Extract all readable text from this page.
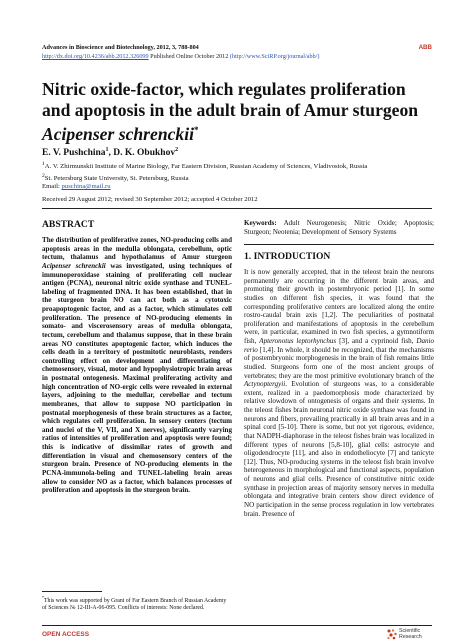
Advances in Bioscience and Biotechnology, 2012, 3, 788-804	ABB
http://dx.doi.org/10.4236/abb.2012.326099 Published Online October 2012 (http://www.SciRP.org/journal/abb/)
Nitric oxide-factor, which regulates proliferation and apoptosis in the adult brain of Amur sturgeon Acipenser schrenckii*
E. V. Pushchina$^1$, D. K. Obukhov$^2$
$^1$A. V. Zhirmunskii Institute of Marine Biology, Far Eastern Division, Russian Academy of Sciences, Vladivostok, Russia
$^2$St. Petersburg State University, St. Petersburg, Russia
Email: puschina@mail.ru
Received 29 August 2012; revised 30 September 2012; accepted 4 October 2012
ABSTRACT
The distribution of proliferative zones, NO-producing cells and apoptosis areas in the medulla oblongata, cerebellum, optic tectum, thalamus and hypothalamus of Amur sturgeon Acipenser schrenckii was investigated, using techniques of immunoperoxidase staining of proliferating cell nuclear antigen (PCNA), neuronal nitric oxide synthase and TUNEL-labeling of fragmented DNA. It has been established, that in the sturgeon brain NO can act both as a cytotoxic proapoptogenic factor, and as a factor, which stimulates cell proliferation. The presence of NO-producing elements in somato- and viscerosensory areas of medulla oblongata, tectum, cerebellum and thalamus suppose, that in these brain areas NO constitutes apoptogenic factor, which induces the cells death in a territory of postmitotic neuroblasts, renders controlling effect on development and differentiating of chemosensory, visual, motor and hypophysiotropic brain areas in postnatal ontogenesis. Maximal proliferating activity and high concentration of NO-ergic cells were revealed in external layers, adjoining to the medullar, cerebellar and tectum membranes, that allow to suppose NO participation in postnatal morphogenesis of these brain structures as a factor, which regulates cell proliferation. In sensory centers (tectum and nuclei of the V, VII, and X nerves), significantly varying ratios of intensities of proliferation and apoptosis were found; this is indicative of dissimilar rates of growth and differentiation in visual and chemosensory centers of the sturgeon brain. Presence of NO-producing elements in the PCNA-immunola-beling and TUNEL-labeling brain areas allow to consider NO as a factor, which balances processes of proliferation and apoptosis in the sturgeon brain.
*This work was supported by Grant of Far Eastern Branch of Russian Academy of Sciences № 12-III-A-06-095. Conflicts of interests: None declared.
Keywords: Adult Neurogenesis; Nitric Oxide; Apoptosis; Sturgeon; Neotenia; Development of Sensory Systems
1. INTRODUCTION
It is now generally accepted, that in the teleost brain the neurons permanently are occurring in the different brain areas, and promoting their growth in postembryonic period [1]. In some studies on different fish species, it was found that the corresponding proliferative centers are localized along the entire rostro-caudal brain axis [1,2]. The peculiarities of postnatal proliferation and manifestations of apoptosis in the cerebellum were, in particular, examined in two fish species, a gymnotiform fish, Apteronotus leptorhynchus [3], and a cyprinoid fish, Danio rerio [1,4]. In whole, it should be recognized, that the mechanisms of postembryonic morphogenesis in the brain of fish remains little studied. Sturgeons form one of the most ancient groups of vertebrates; they are the most primitive evolutionary branch of the Actynoptergyii. Evolution of sturgeons was, to a considerable extent, realized in a paedomorphosis mode characterized by relative slowdown of ontogenesis of organs and their systems. In the teleost fishes brain neuronal nitric oxide synthase was found in neurons and fibers, prevailing practically in all brain areas and in a spinal cord [5-10]. There is some, but not yet rigorous, evidence, that NADPH-diaphorase in the teleost fishes brain was localized in different types of neurons [5,8-10], glial cells: astrocyte and oligodendrocyte [11], and also in endotheliocyte [7] and tanicyte [12]. Thus, NO-producing systems in the teleost fish brain involve heterogeneous in morphological and functional aspects, population of neurons and glial cells. Presence of constitutive nitric oxide synthase in projection areas of majority sensory nerves in medulla oblongata and integrative brain centers show direct evidence of NO participation in the sense process regulation in low vertebrates brain. Presence of
OPEN ACCESS	Scientific
Research
